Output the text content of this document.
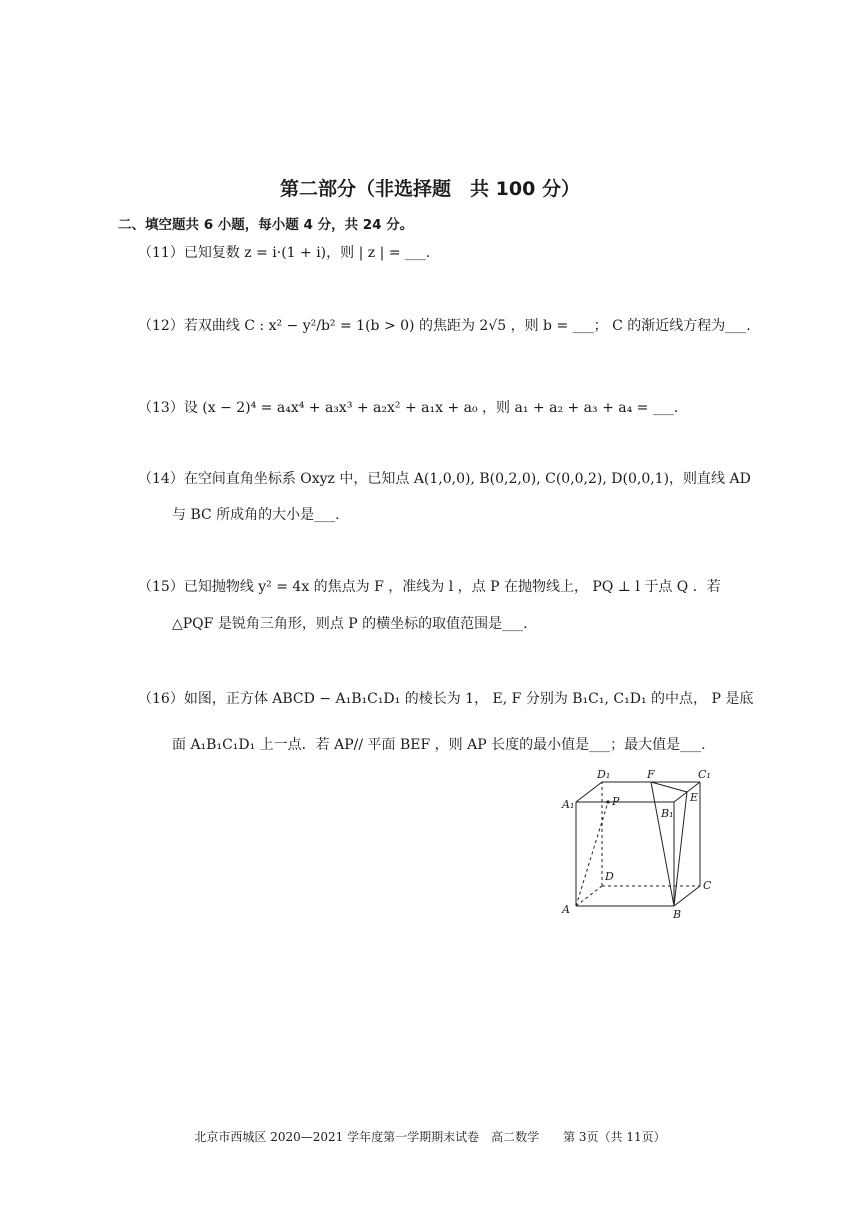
第二部分（非选择题　共 100 分）
二、填空题共 6 小题，每小题 4 分，共 24 分。
（11）已知复数 z = i·(1 + i)，则 | z | = ___.
（12）若双曲线 C : x² − y²/b² = 1(b > 0) 的焦距为 2√5 ，则 b = ___； C 的渐近线方程为___.
（13）设 (x − 2)⁴ = a₄x⁴ + a₃x³ + a₂x² + a₁x + a₀ ，则 a₁ + a₂ + a₃ + a₄ = ___.
（14）在空间直角坐标系 Oxyz 中，已知点 A(1,0,0), B(0,2,0), C(0,0,2), D(0,0,1)，则直线 AD
与 BC 所成角的大小是___.
（15）已知抛物线 y² = 4x 的焦点为 F ，准线为 l ，点 P 在抛物线上， PQ ⊥ l 于点 Q ．若
△PQF 是锐角三角形，则点 P 的横坐标的取值范围是___.
（16）如图，正方体 ABCD − A₁B₁C₁D₁ 的棱长为 1， E, F 分别为 B₁C₁, C₁D₁ 的中点， P 是底
面 A₁B₁C₁D₁ 上一点．若 AP// 平面 BEF ，则 AP 长度的最小值是___；最大值是___.
A	B
C
D
A₁
B₁
C₁
D₁
E
F
P
北京市西城区 2020—2021 学年度第一学期期末试卷　高二数学　　第 3页（共 11页）
